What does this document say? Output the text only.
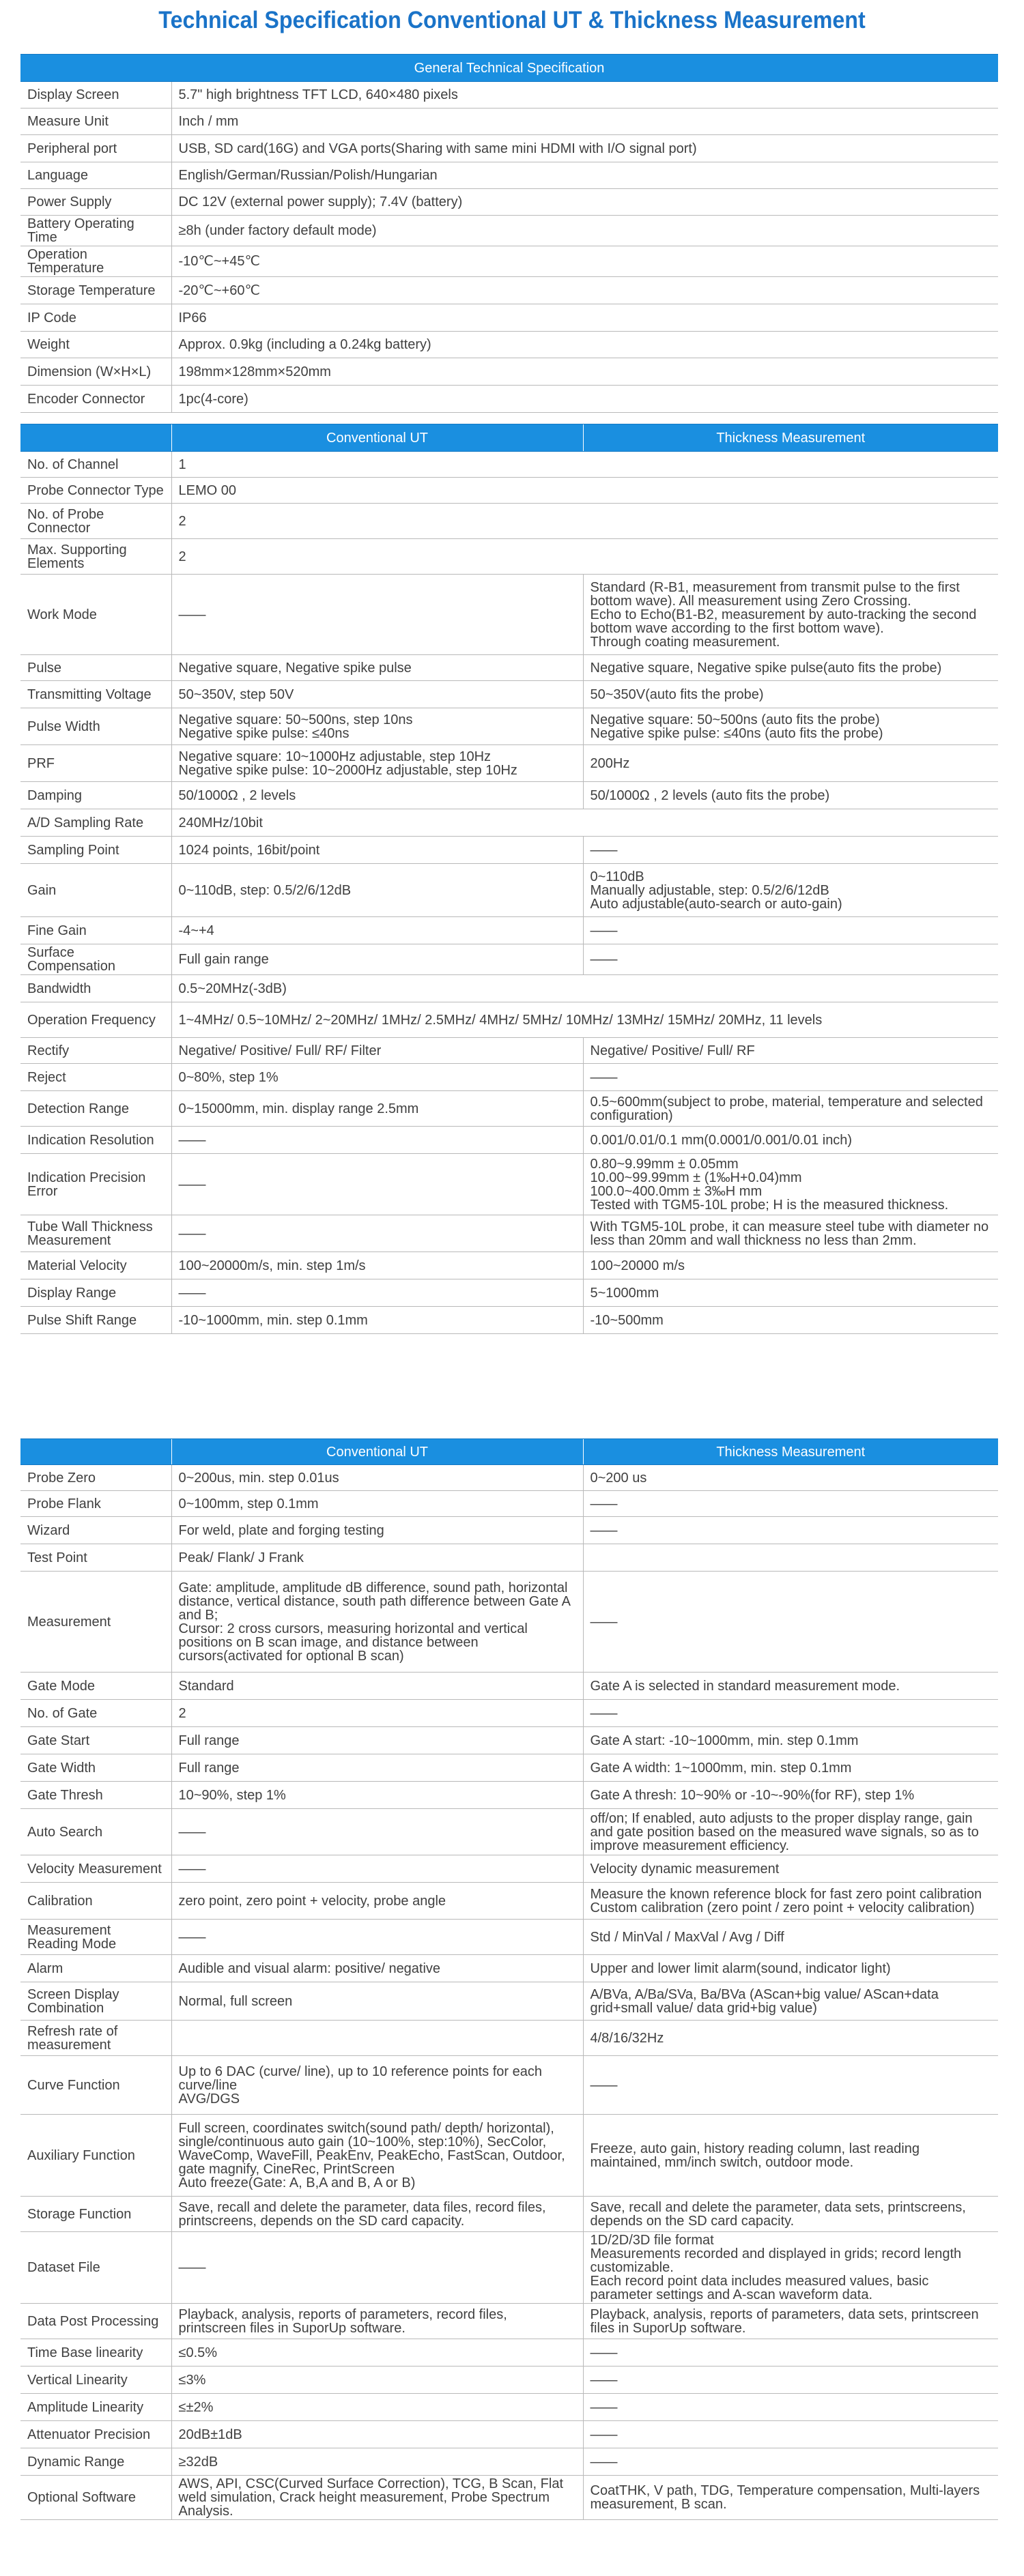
Technical Specification Conventional UT & Thickness Measurement
General Technical Specification	
Display Screen	5.7" high brightness TFT LCD, 640×480 pixels
Measure Unit	Inch / mm
Peripheral port	USB, SD card(16G) and VGA ports(Sharing with same mini HDMI with I/O signal port)
Language	English/German/Russian/Polish/Hungarian
Power Supply	DC 12V (external power supply); 7.4V (battery)
Battery Operating Time	≥8h (under factory default mode)
Operation Temperature	-10℃~+45℃
Storage Temperature	-20℃~+60℃
IP Code	IP66
Weight	Approx. 0.9kg (including a 0.24kg battery)
Dimension (W×H×L)	198mm×128mm×520mm
Encoder Connector	1pc(4-core)
	Conventional UT	Thickness Measurement
No. of Channel	1	
Probe Connector Type	LEMO 00	
No. of Probe Connector	2	
Max. Supporting Elements	2	
Work Mode	——	Standard (R-B1, measurement from transmit pulse to the first bottom wave). All measurement using Zero Crossing.
Echo to Echo(B1-B2, measurement by auto-tracking the second bottom wave according to the first bottom wave).
Through coating measurement.
Pulse	Negative square, Negative spike pulse	Negative square, Negative spike pulse(auto fits the probe)
Transmitting Voltage	50~350V, step 50V	50~350V(auto fits the probe)
Pulse Width	Negative square: 50~500ns, step 10ns
Negative spike pulse: ≤40ns	Negative square: 50~500ns (auto fits the probe)
Negative spike pulse: ≤40ns (auto fits the probe)
PRF	Negative square: 10~1000Hz adjustable, step 10Hz
Negative spike pulse: 10~2000Hz adjustable, step 10Hz	200Hz
Damping	50/1000Ω , 2 levels	50/1000Ω , 2 levels (auto fits the probe)
A/D Sampling Rate	240MHz/10bit	
Sampling Point	1024 points, 16bit/point	——
Gain	0~110dB, step: 0.5/2/6/12dB	0~110dB
Manually adjustable, step: 0.5/2/6/12dB
Auto adjustable(auto-search or auto-gain)
Fine Gain	-4~+4	——
Surface Compensation	Full gain range	——
Bandwidth	0.5~20MHz(-3dB)	
Operation Frequency	1~4MHz/ 0.5~10MHz/ 2~20MHz/ 1MHz/ 2.5MHz/ 4MHz/ 5MHz/ 10MHz/ 13MHz/ 15MHz/ 20MHz, 11 levels	
Rectify	Negative/ Positive/ Full/ RF/ Filter	Negative/ Positive/ Full/ RF
Reject	0~80%, step 1%	——
Detection Range	0~15000mm, min. display range 2.5mm	0.5~600mm(subject to probe, material, temperature and selected configuration)
Indication Resolution	——	0.001/0.01/0.1 mm(0.0001/0.001/0.01 inch)
Indication Precision Error	——	0.80~9.99mm ± 0.05mm
10.00~99.99mm ± (1‰H+0.04)mm
100.0~400.0mm ± 3‰H mm
Tested with TGM5-10L probe; H is the measured thickness.
Tube Wall Thickness Measurement	——	With TGM5-10L probe, it can measure steel tube with diameter no less than 20mm and wall thickness no less than 2mm.
Material Velocity	100~20000m/s, min. step 1m/s	100~20000 m/s
Display Range	——	5~1000mm
Pulse Shift Range	-10~1000mm, min. step 0.1mm	-10~500mm
	Conventional UT	Thickness Measurement
Probe Zero	0~200us, min. step 0.01us	0~200 us
Probe Flank	0~100mm, step 0.1mm	——
Wizard	For weld, plate and forging testing	——
Test Point	Peak/ Flank/ J Frank	
Measurement	Gate: amplitude, amplitude dB difference, sound path, horizontal distance, vertical distance, south path difference between Gate A and B;
Cursor: 2 cross cursors, measuring horizontal and vertical positions on B scan image, and distance between cursors(activated for optional B scan)	——
Gate Mode	Standard	Gate A is selected in standard measurement mode.
No. of Gate	2	——
Gate Start	Full range	Gate A start: -10~1000mm, min. step 0.1mm
Gate Width	Full range	Gate A width: 1~1000mm, min. step 0.1mm
Gate Thresh	10~90%, step 1%	Gate A thresh: 10~90% or -10~-90%(for RF), step 1%
Auto Search	——	off/on; If enabled, auto adjusts to the proper display range, gain and gate position based on the measured wave signals, so as to improve measurement efficiency.
Velocity Measurement	——	Velocity dynamic measurement
Calibration	zero point, zero point + velocity, probe angle	Measure the known reference block for fast zero point calibration
Custom calibration (zero point / zero point + velocity calibration)
Measurement Reading Mode	——	Std / MinVal / MaxVal / Avg / Diff
Alarm	Audible and visual alarm: positive/ negative	Upper and lower limit alarm(sound, indicator light)
Screen Display Combination	Normal, full screen	A/BVa, A/Ba/SVa, Ba/BVa (AScan+big value/ AScan+data grid+small value/ data grid+big value)
Refresh rate of measurement		4/8/16/32Hz
Curve Function	Up to 6 DAC (curve/ line), up to 10 reference points for each curve/line
AVG/DGS	——
Auxiliary Function	Full screen, coordinates switch(sound path/ depth/ horizontal), single/continuous auto gain (10~100%, step:10%), SecColor, WaveComp, WaveFill, PeakEnv, PeakEcho, FastScan, Outdoor, gate magnify, CineRec, PrintScreen
Auto freeze(Gate: A, B,A and B, A or B)	Freeze, auto gain, history reading column, last reading maintained, mm/inch switch, outdoor mode.
Storage Function	Save, recall and delete the parameter, data files, record files, printscreens, depends on the SD card capacity.	Save, recall and delete the parameter, data sets, printscreens, depends on the SD card capacity.
Dataset File	——	1D/2D/3D file format
Measurements recorded and displayed in grids; record length customizable.
Each record point data includes measured values, basic parameter settings and A-scan waveform data.
Data Post Processing	Playback, analysis, reports of parameters, record files, printscreen files in SuporUp software.	Playback, analysis, reports of parameters, data sets, printscreen files in SuporUp software.
Time Base linearity	≤0.5%	——
Vertical Linearity	≤3%	——
Amplitude Linearity	≤±2%	——
Attenuator Precision	20dB±1dB	——
Dynamic Range	≥32dB	——
Optional Software	AWS, API, CSC(Curved Surface Correction), TCG, B Scan, Flat weld simulation, Crack height measurement, Probe Spectrum Analysis.	CoatTHK, V path, TDG, Temperature compensation, Multi-layers measurement, B scan.
